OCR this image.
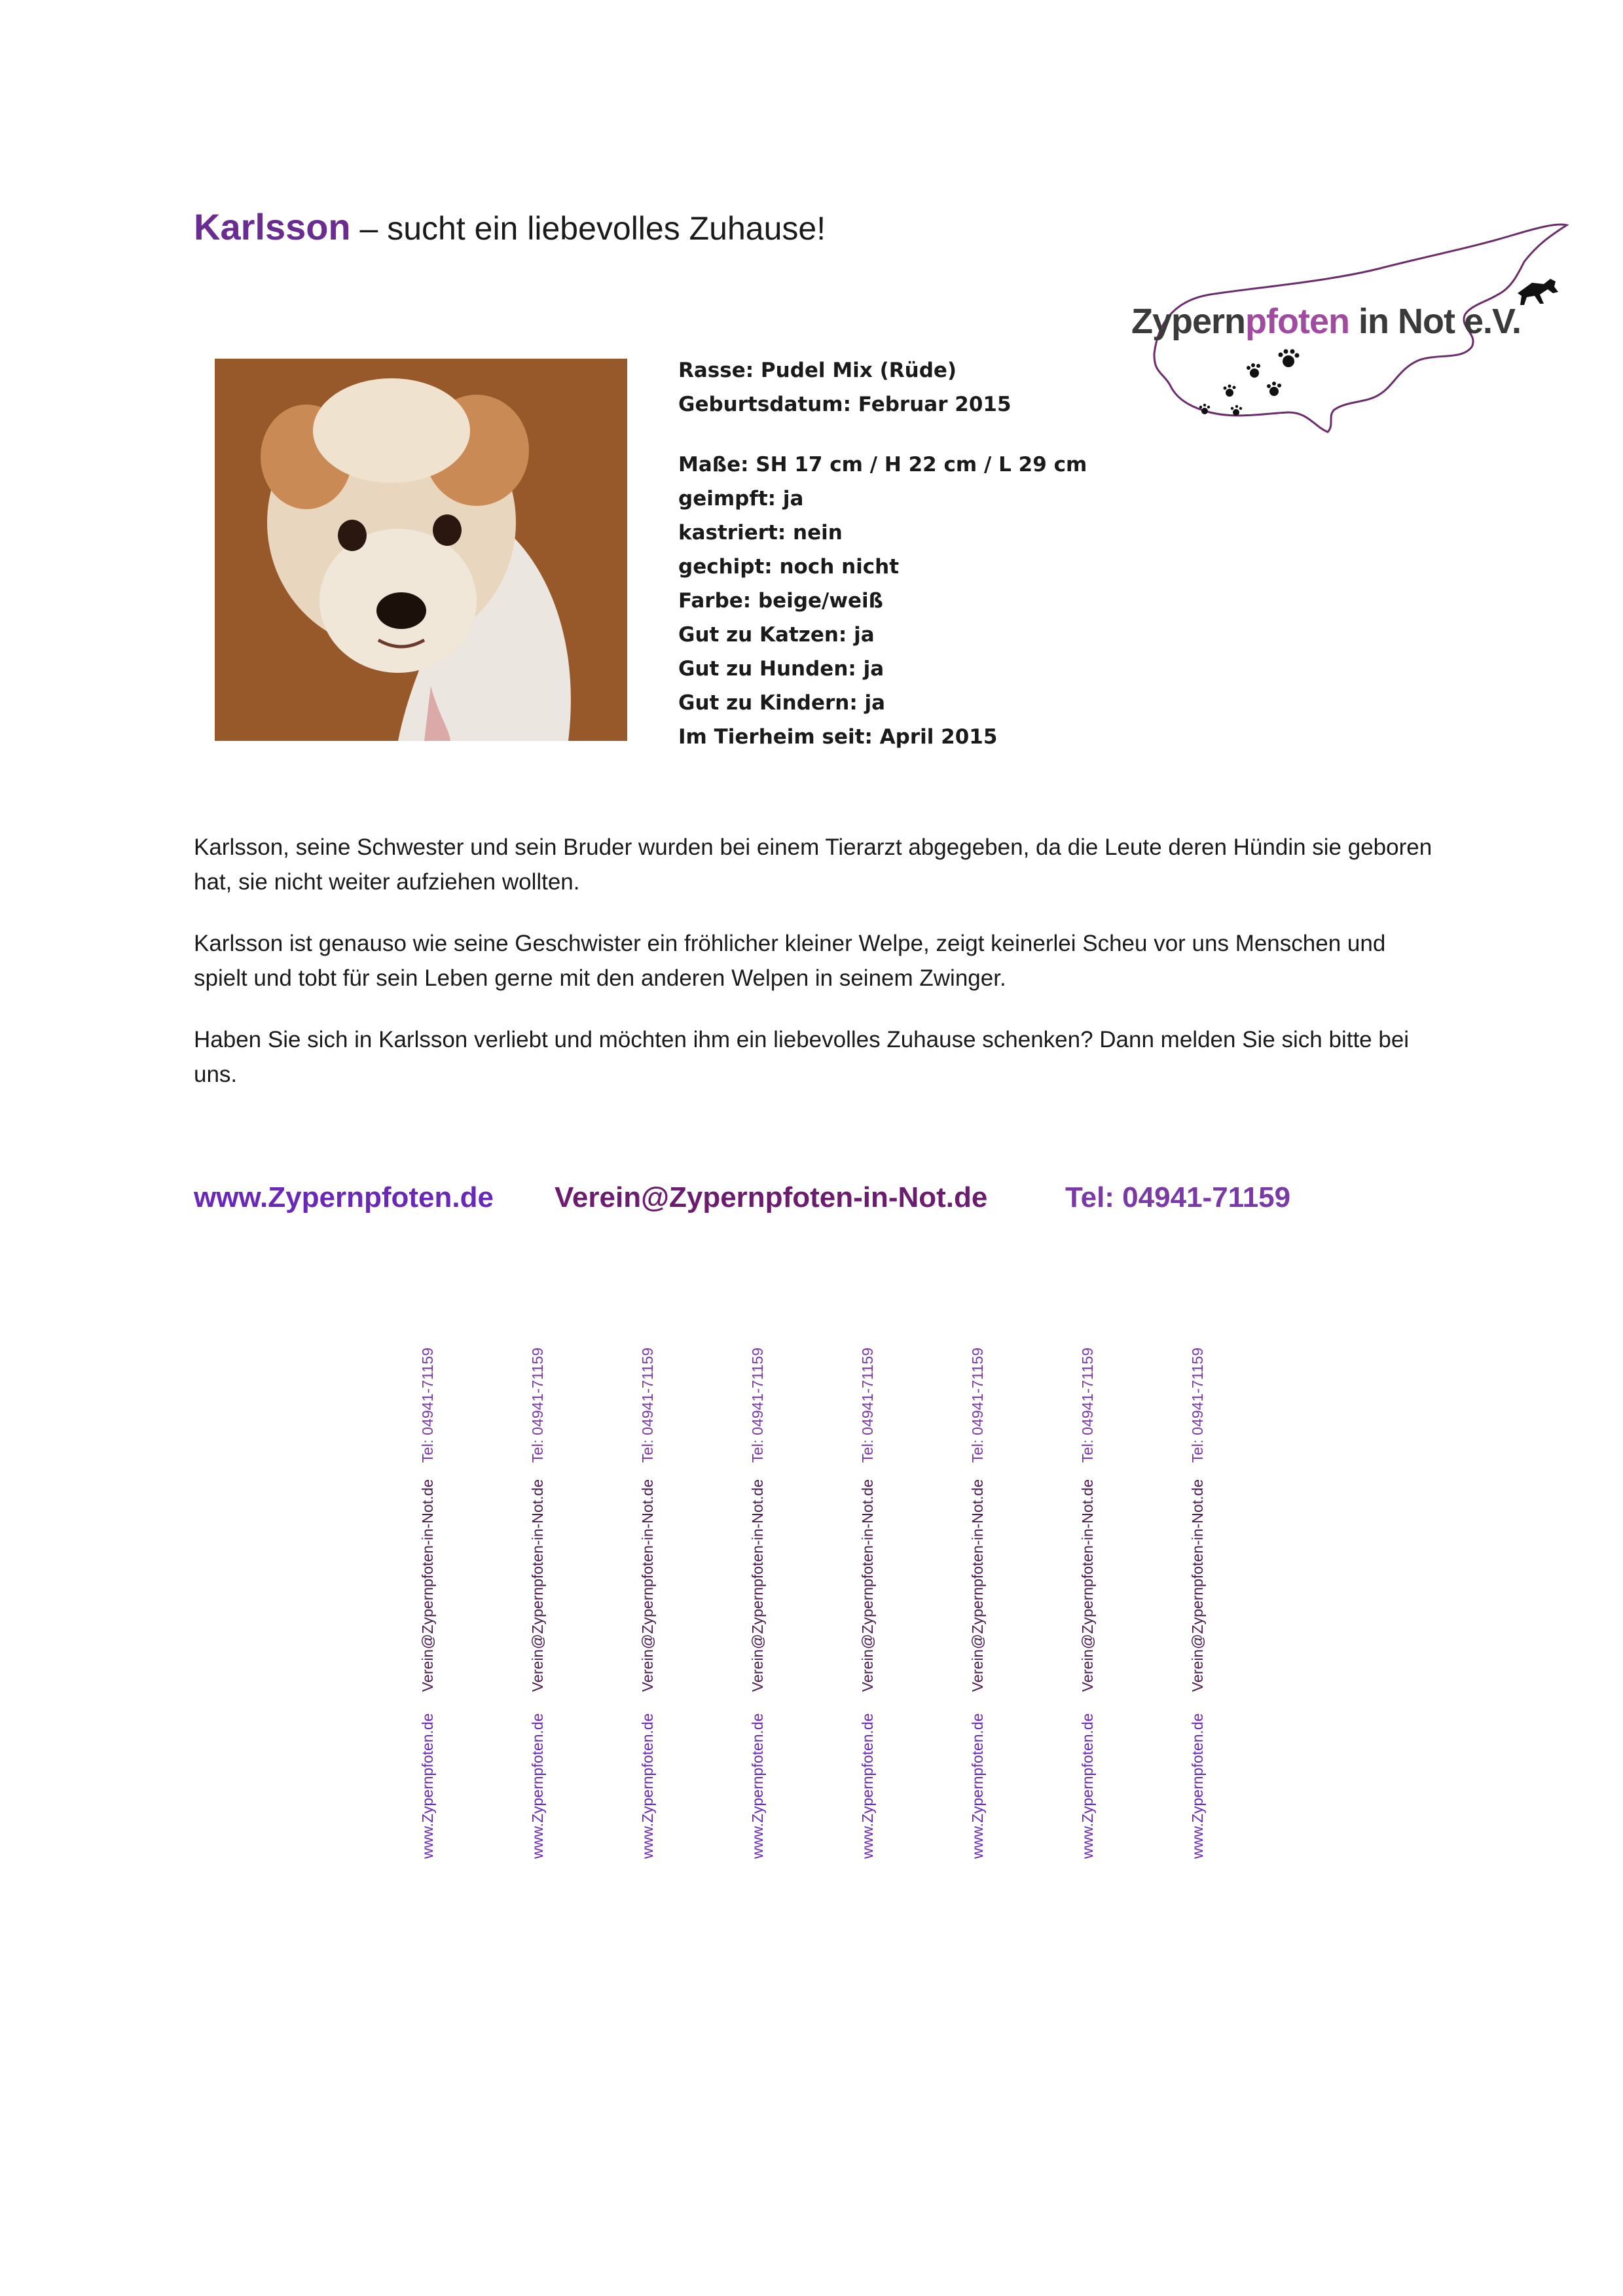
Karlsson – sucht ein liebevolles Zuhause!
Zypernpfoten in Not e.V.
Rasse: Pudel Mix (Rüde)
Geburtsdatum: Februar 2015
Maße: SH 17 cm / H 22 cm / L 29 cm
geimpft: ja
kastriert: nein
gechipt: noch nicht
Farbe: beige/weiß
Gut zu Katzen: ja
Gut zu Hunden: ja
Gut zu Kindern: ja
Im Tierheim seit: April 2015

Karlsson, seine Schwester und sein Bruder wurden bei einem Tierarzt abgegeben, da die Leute deren Hündin sie geboren hat, sie nicht weiter aufziehen wollten.

Karlsson ist genauso wie seine Geschwister ein fröhlicher kleiner Welpe, zeigt keinerlei Scheu vor uns Menschen und spielt und tobt für sein Leben gerne mit den anderen Welpen in seinem Zwinger.

Haben Sie sich in Karlsson verliebt und möchten ihm ein liebevolles Zuhause schenken? Dann melden Sie sich bitte bei uns.

www.Zypernpfoten.de Verein@Zypernpfoten-in-Not.de	Tel: 04941-71159
Tel: 04941-71159
Verein@Zypernpfoten-in-Not.de
www.Zypernpfoten.de
Tel: 04941-71159
Verein@Zypernpfoten-in-Not.de
www.Zypernpfoten.de
Tel: 04941-71159
Verein@Zypernpfoten-in-Not.de
www.Zypernpfoten.de
Tel: 04941-71159
Verein@Zypernpfoten-in-Not.de
www.Zypernpfoten.de
Tel: 04941-71159
Verein@Zypernpfoten-in-Not.de
www.Zypernpfoten.de
Tel: 04941-71159
Verein@Zypernpfoten-in-Not.de
www.Zypernpfoten.de
Tel: 04941-71159
Verein@Zypernpfoten-in-Not.de
www.Zypernpfoten.de
Tel: 04941-71159
Verein@Zypernpfoten-in-Not.de
www.Zypernpfoten.de
